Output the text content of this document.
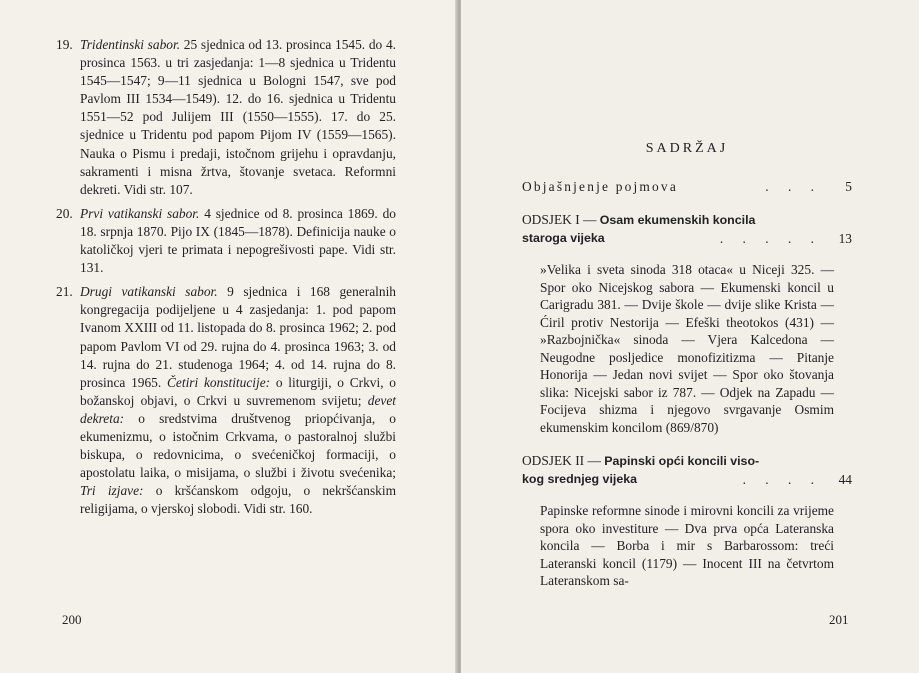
19. Tridentinski sabor. 25 sjednica od 13. prosinca 1545. do 4. prosinca 1563. u tri zasjedanja: 1—8 sjednica u Tridentu 1545—1547; 9—11 sjednica u Bologni 1547, sve pod Pavlom III 1534—1549). 12. do 16. sjednica u Tridentu 1551—52 pod Julijem III (1550—1555). 17. do 25. sjednice u Tridentu pod papom Pijom IV (1559—1565). Nauka o Pismu i predaji, istočnom grijehu i opravdanju, sakramenti i misna žrtva, štovanje svetaca. Reformni dekreti. Vidi str. 107.
20. Prvi vatikanski sabor. 4 sjednice od 8. prosinca 1869. do 18. srpnja 1870. Pijo IX (1845—1878). Definicija nauke o katoličkoj vjeri te primata i nepogrešivosti pape. Vidi str. 131.
21. Drugi vatikanski sabor. 9 sjednica i 168 generalnih kongregacija podijeljene u 4 zasjedanja: 1. pod papom Ivanom XXIII od 11. listopada do 8. prosinca 1962; 2. pod papom Pavlom VI od 29. rujna do 4. prosinca 1963; 3. od 14. rujna do 21. studenoga 1964; 4. od 14. rujna do 8. prosinca 1965. Četiri konstitucije: o liturgiji, o Crkvi, o božanskoj objavi, o Crkvi u suvremenom svijetu; devet dekreta: o sredstvima društvenog priopćivanja, o ekumenizmu, o istočnim Crkvama, o pastoralnoj službi biskupa, o redovnicima, o svećeničkoj formaciji, o apostolatu laika, o misijama, o službi i životu svećenika; Tri izjave: o kršćanskom odgoju, o nekršćanskim religijama, o vjerskoj slobodi. Vidi str. 160.
200
SADRŽAJ
Objašnjenje pojmova	. . .	5
ODSJEK I — Osam ekumenskih koncila
staroga vijeka	. . . . .	13
»Velika i sveta sinoda 318 otaca« u Niceji 325. — Spor oko Nicejskog sabora — Ekumenski koncil u Carigradu 381. — Dvije škole — dvije slike Krista — Ćiril protiv Nestorija — Efeški theotokos (431) — »Razbojnička« sinoda — Vjera Kalcedona — Neugodne posljedice monofizitizma — Pitanje Honorija — Jedan novi svijet — Spor oko štovanja slika: Nicejski sabor iz 787. — Odjek na Zapadu — Focijeva shizma i njegovo svrgavanje Osmim ekumenskim koncilom (869/870)
ODSJEK II — Papinski opći koncili viso-
kog srednjeg vijeka	. . . .	44
Papinske reformne sinode i mirovni koncili za vrijeme spora oko investiture — Dva prva opća Lateranska koncila — Borba i mir s Barbarossom: treći Lateranski koncil (1179) — Inocent III na četvrtom Lateranskom sa-
201
